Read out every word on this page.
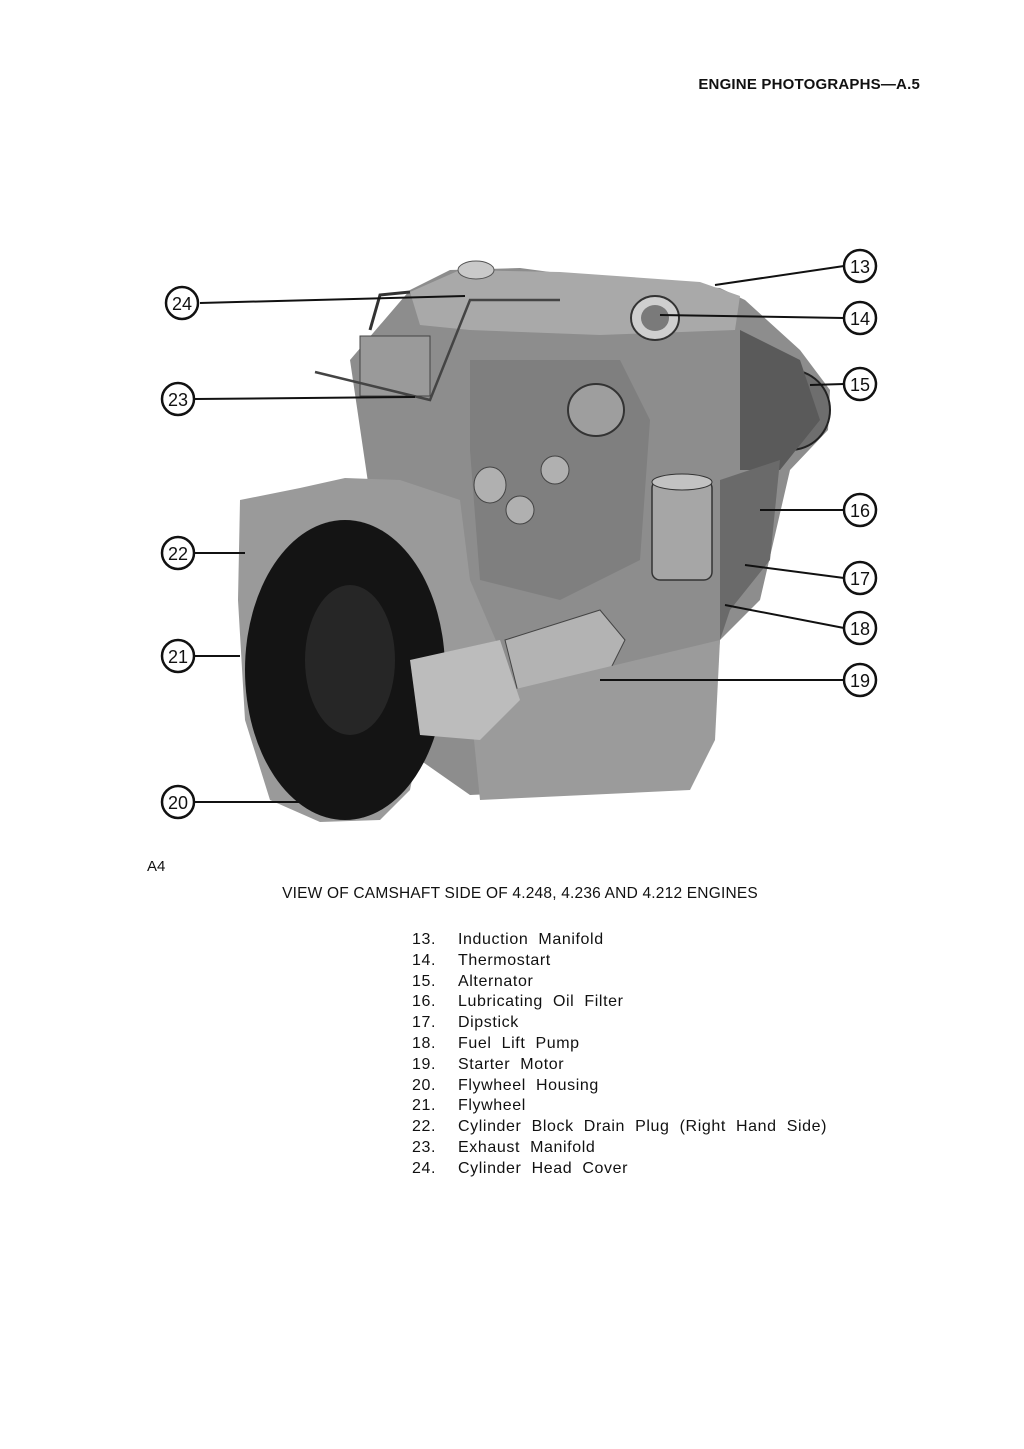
ENGINE PHOTOGRAPHS—A.5
13
14
15
16
17
18
19
20
21
22
23
24
A4
VIEW OF CAMSHAFT SIDE OF 4.248, 4.236 AND 4.212 ENGINES
13.	Induction  Manifold
14.	Thermostart
15.	Alternator
16.	Lubricating  Oil  Filter
17.	Dipstick
18.	Fuel  Lift  Pump
19.	Starter  Motor
20.	Flywheel  Housing
21.	Flywheel
22.	Cylinder  Block  Drain  Plug  (Right  Hand  Side)
23.	Exhaust  Manifold
24.	Cylinder  Head  Cover
